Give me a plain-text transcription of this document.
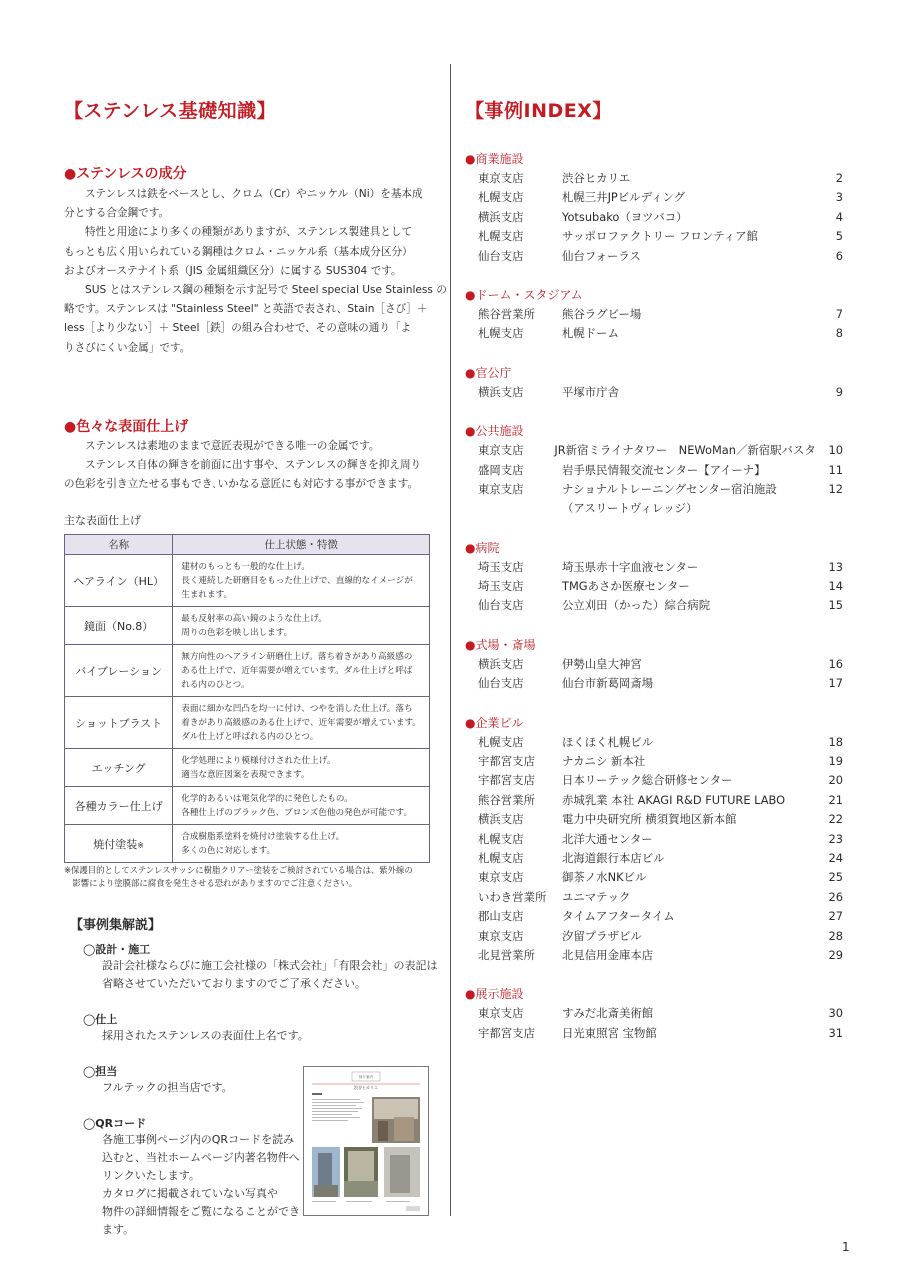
【ステンレス基礎知識】
●ステンレスの成分

ステンレスは鉄をベースとし、クロム（Cr）やニッケル（Ni）を基本成
分とする合金鋼です。
特性と用途により多くの種類がありますが、ステンレス製建具として
もっとも広く用いられている鋼種はクロム・ニッケル系（基本成分区分）
およびオーステナイト系（JIS 金属組織区分）に属する SUS304 です。
SUS とはステンレス鋼の種類を示す記号で Steel special Use Stainless の
略です。ステンレスは "Stainless Steel" と英語で表され、Stain［さび］＋
less［より少ない］＋ Steel［鉄］の組み合わせで、その意味の通り「よ
りさびにくい金属」です。

●色々な表面仕上げ

ステンレスは素地のままで意匠表現ができる唯一の金属です。
ステンレス自体の輝きを前面に出す事や、ステンレスの輝きを抑え周り
の色彩を引き立たせる事もでき､いかなる意匠にも対応する事ができます。

主な表面仕上げ

名称	仕上状態・特徴
ヘアライン（HL）	建材のもっとも一般的な仕上げ。
長く連続した研磨目をもった仕上げで、直線的なイメージが
生まれます。

鏡面（No.8）	最も反射率の高い鏡のような仕上げ。
周りの色彩を映し出します。

バイブレーション	無方向性のヘアライン研磨仕上げ。落ち着きがあり高級感の
ある仕上げで、近年需要が増えています。ダル仕上げと呼ば
れる内のひとつ。

ショットブラスト	表面に細かな凹凸を均一に付け、つやを消した仕上げ。落ち
着きがあり高級感のある仕上げで、近年需要が増えています。
ダル仕上げと呼ばれる内のひとつ。

エッチング	化学処理により模様付けされた仕上げ。
適当な意匠図案を表現できます。

各種カラー仕上げ	化学的あるいは電気化学的に発色したもの。
各種仕上げのブラック色、ブロンズ色他の発色が可能です。

焼付塗装※	合成樹脂系塗料を焼付け塗装する仕上げ。
多くの色に対応します。

※保護目的としてステンレスサッシに樹脂クリアー塗装をご検討されている場合は、紫外線の
　影響により塗膜部に腐食を発生させる恐れがありますのでご注意ください。

【事例集解説】

◯設計・施工

設計会社様ならびに施工会社様の「株式会社」「有限会社」の表記は
省略させていただいておりますのでご了承ください。

◯仕上

採用されたステンレスの表面仕上名です。

◯担当

フルテックの担当店です。

◯QRコード

各施工事例ページ内のQRコードを読み
込むと、当社ホームページ内著名物件へ
リンクいたします。
カタログに掲載されていない写真や
物件の詳細情報をご覧になることができ
ます。

帰り案内
渋谷ヒカリエ
【事例INDEX】

●商業施設

東京支店	渋谷ヒカリエ	2
札幌支店	札幌三井JPビルディング	3
横浜支店	Yotsubako（ヨツバコ）	4
札幌支店	サッポロファクトリー フロンティア館	5
仙台支店	仙台フォーラス	6

●ドーム・スタジアム

熊谷営業所	熊谷ラグビー場	7
札幌支店	札幌ドーム	8

●官公庁

横浜支店	平塚市庁舎	9

●公共施設

東京支店	JR新宿ミライナタワー　NEWoMan／新宿駅バスタ	10
盛岡支店	岩手県民情報交流センター【アイーナ】	11
東京支店	ナショナルトレーニングセンター宿泊施設	12
（アスリートヴィレッジ）

●病院

埼玉支店	埼玉県赤十字血液センター	13
埼玉支店	TMGあさか医療センター	14
仙台支店	公立刈田（かった）綜合病院	15

●式場・斎場

横浜支店	伊勢山皇大神宮	16
仙台支店	仙台市新葛岡斎場	17

●企業ビル

札幌支店	ほくほく札幌ビル	18
宇都宮支店	ナカニシ 新本社	19
宇都宮支店	日本リーテック総合研修センター	20
熊谷営業所	赤城乳業 本社 AKAGI R&D FUTURE LABO	21
横浜支店	電力中央研究所 横須賀地区新本館	22
札幌支店	北洋大通センター	23
札幌支店	北海道銀行本店ビル	24
東京支店	御茶ノ水NKビル	25
いわき営業所	ユニマテック	26
郡山支店	タイムアフタータイム	27
東京支店	汐留プラザビル	28
北見営業所	北見信用金庫本店	29

●展示施設

東京支店	すみだ北斎美術館	30
宇都宮支店	日光東照宮 宝物館	31
1
